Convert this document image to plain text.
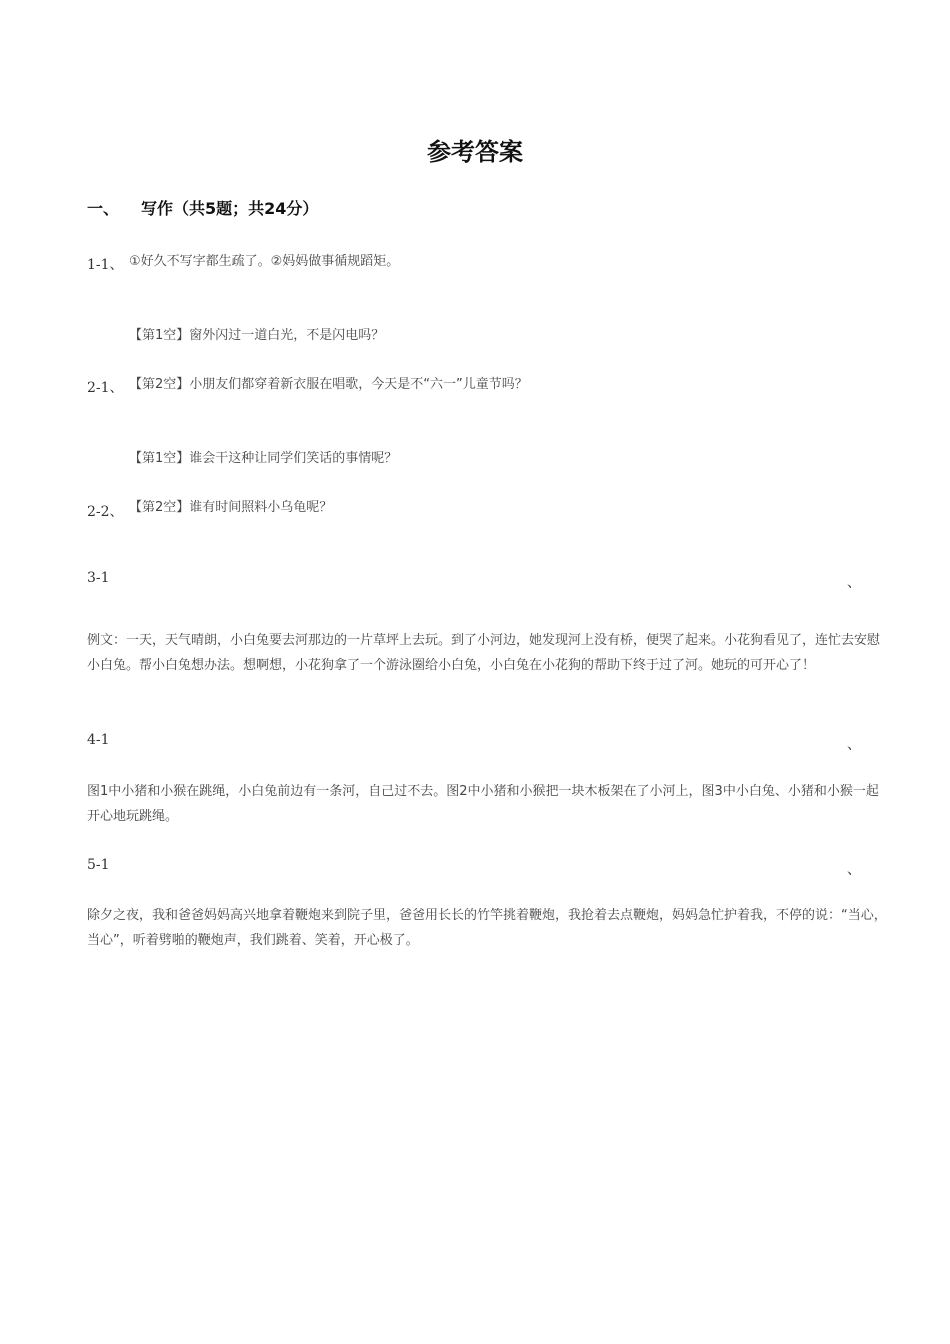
参考答案
一、 写作（共5题；共24分）
1-1、 ①好久不写字都生疏了。②妈妈做事循规蹈矩。
【第1空】窗外闪过一道白光，不是闪电吗？
2-1、 【第2空】小朋友们都穿着新衣服在唱歌，今天是不“六一”儿童节吗？
【第1空】谁会干这种让同学们笑话的事情呢？
2-2、 【第2空】谁有时间照料小乌龟呢？
3-1	、
例文：一天，天气晴朗，小白兔要去河那边的一片草坪上去玩。到了小河边，她发现河上没有桥，便哭了起来。小花狗看见了，连忙去安慰小白兔。帮小白兔想办法。想啊想，小花狗拿了一个游泳圈给小白兔，小白兔在小花狗的帮助下终于过了河。她玩的可开心了！
4-1	、
图1中小猪和小猴在跳绳，小白兔前边有一条河，自己过不去。图2中小猪和小猴把一块木板架在了小河上，图3中小白兔、小猪和小猴一起开心地玩跳绳。
5-1	、
除夕之夜，我和爸爸妈妈高兴地拿着鞭炮来到院子里，爸爸用长长的竹竿挑着鞭炮，我抢着去点鞭炮，妈妈急忙护着我，不停的说：“当心，当心”，听着劈啪的鞭炮声，我们跳着、笑着，开心极了。
